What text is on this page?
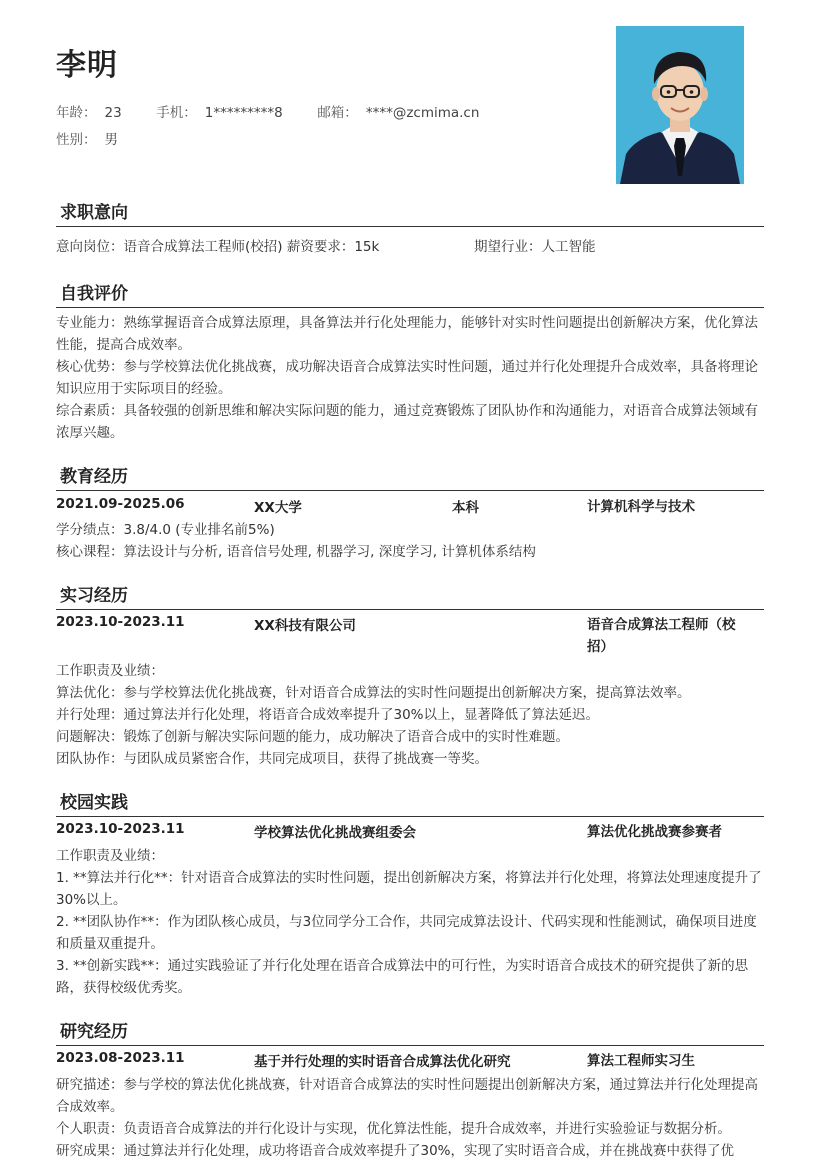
李明
年龄： 23	手机： 1*********8	邮箱： ****@zcmima.cn
性别： 男
求职意向
意向岗位：语音合成算法工程师(校招) 薪资要求：15k	期望行业：人工智能
自我评价
专业能力：熟练掌握语音合成算法原理，具备算法并行化处理能力，能够针对实时性问题提出创新解决方案，优化算法性能，提高合成效率。
核心优势：参与学校算法优化挑战赛，成功解决语音合成算法实时性问题，通过并行化处理提升合成效率，具备将理论知识应用于实际项目的经验。
综合素质：具备较强的创新思维和解决实际问题的能力，通过竞赛锻炼了团队协作和沟通能力，对语音合成算法领域有浓厚兴趣。
教育经历
2021.09-2025.06	XX大学	本科	计算机科学与技术
学分绩点：3.8/4.0 (专业排名前5%)
核心课程：算法设计与分析, 语音信号处理, 机器学习, 深度学习, 计算机体系结构
实习经历
2023.10-2023.11	XX科技有限公司	语音合成算法工程师（校招）
工作职责及业绩：
算法优化：参与学校算法优化挑战赛，针对语音合成算法的实时性问题提出创新解决方案，提高算法效率。
并行处理：通过算法并行化处理，将语音合成效率提升了30%以上，显著降低了算法延迟。
问题解决：锻炼了创新与解决实际问题的能力，成功解决了语音合成中的实时性难题。
团队协作：与团队成员紧密合作，共同完成项目，获得了挑战赛一等奖。
校园实践
2023.10-2023.11	学校算法优化挑战赛组委会	算法优化挑战赛参赛者
工作职责及业绩：
1. **算法并行化**：针对语音合成算法的实时性问题，提出创新解决方案，将算法并行化处理，将算法处理速度提升了30%以上。
2. **团队协作**：作为团队核心成员，与3位同学分工合作，共同完成算法设计、代码实现和性能测试，确保项目进度和质量双重提升。
3. **创新实践**：通过实践验证了并行化处理在语音合成算法中的可行性，为实时语音合成技术的研究提供了新的思路，获得校级优秀奖。
研究经历
2023.08-2023.11	基于并行处理的实时语音合成算法优化研究	算法工程师实习生
研究描述：参与学校的算法优化挑战赛，针对语音合成算法的实时性问题提出创新解决方案，通过算法并行化处理提高合成效率。
个人职责：负责语音合成算法的并行化设计与实现，优化算法性能，提升合成效率，并进行实验验证与数据分析。
研究成果：通过算法并行化处理，成功将语音合成效率提升了30%，实现了实时语音合成，并在挑战赛中获得了优
